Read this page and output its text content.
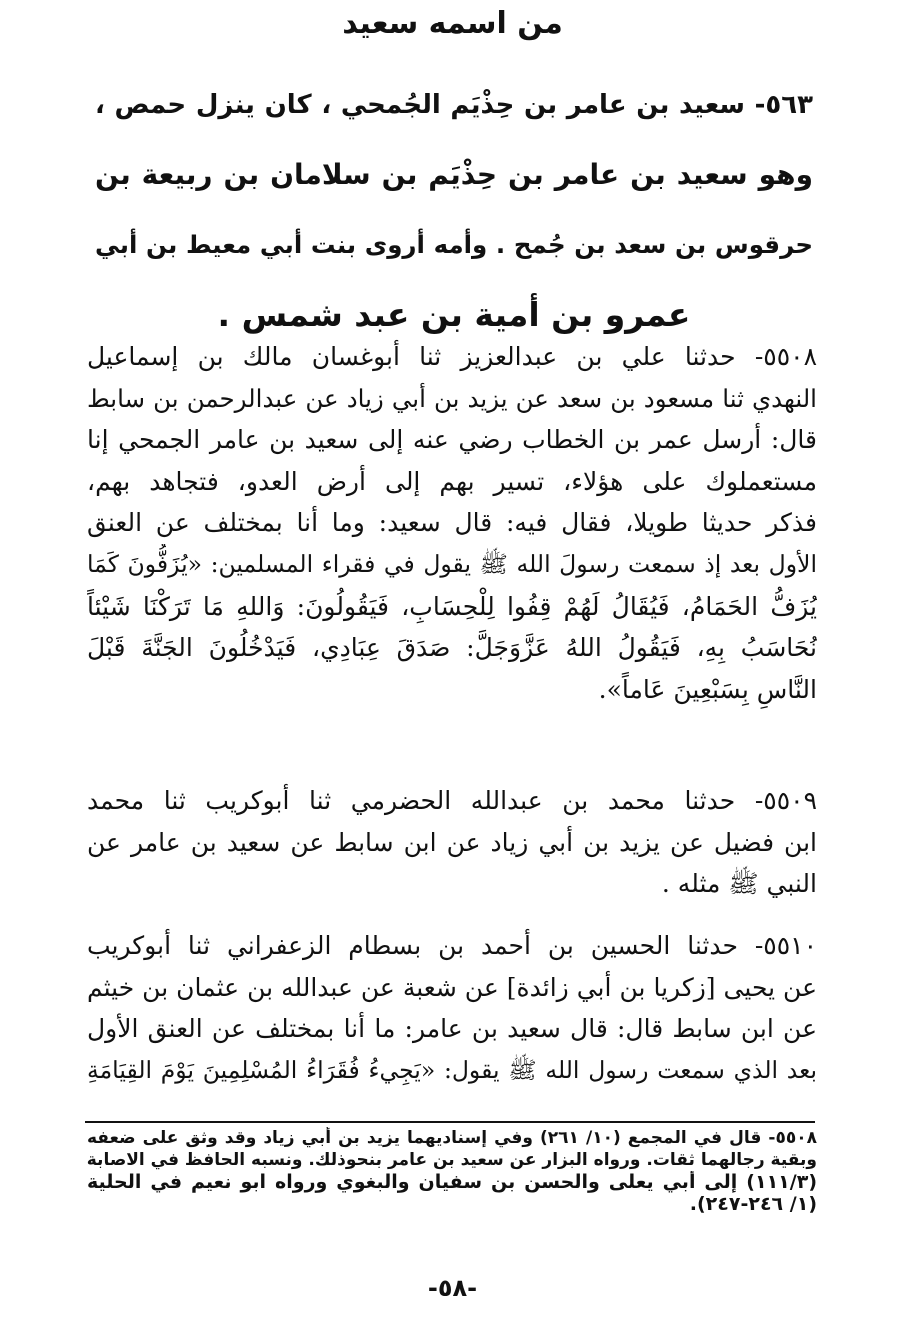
من اسمه سعيد
٥٦٣- سعيد بن عامر بن حِذْيَم الجُمحي ، كان ينزل حمص ،
وهو سعيد بن عامر بن حِذْيَم بن سلامان بن ربيعة بن
حرقوس بن سعد بن جُمح . وأمه أروى بنت أبي معيط بن أبي
عمرو بن أمية بن عبد شمس .
٥٥٠٨- حدثنا علي بن عبدالعزيز ثنا أبوغسان مالك بن إسماعيل
النهدي ثنا مسعود بن سعد عن يزيد بن أبي زياد عن عبدالرحمن بن سابط
قال: أرسل عمر بن الخطاب رضي عنه إلى سعيد بن عامر الجمحي إنا
مستعملوك على هؤلاء، تسير بهم إلى أرض العدو، فتجاهد بهم،
فذكر حديثا طويلا، فقال فيه: قال سعيد: وما أنا بمختلف عن العنق
الأول بعد إذ سمعت رسولَ الله ﷺ يقول في فقراء المسلمين: «يُزَفُّونَ كَمَا
يُزَفُّ الحَمَامُ، فَيُقَالُ لَهُمْ قِفُوا لِلْحِسَابِ، فَيَقُولُونَ: وَاللهِ مَا تَرَكْنَا شَيْئاً
نُحَاسَبُ بِهِ، فَيَقُولُ اللهُ عَزَّوَجَلَّ: صَدَقَ عِبَادِي، فَيَدْخُلُونَ الجَنَّةَ قَبْلَ
النَّاسِ بِسَبْعِينَ عَاماً».
٥٥٠٩- حدثنا محمد بن عبدالله الحضرمي ثنا أبوكريب ثنا محمد
ابن فضيل عن يزيد بن أبي زياد عن ابن سابط عن سعيد بن عامر عن
النبي ﷺ مثله .
٥٥١٠- حدثنا الحسين بن أحمد بن بسطام الزعفراني ثنا أبوكريب
عن يحيى [زكريا بن أبي زائدة] عن شعبة عن عبدالله بن عثمان بن خيثم
عن ابن سابط قال: قال سعيد بن عامر: ما أنا بمختلف عن العنق الأول
بعد الذي سمعت رسول الله ﷺ يقول: «يَجِيءُ فُقَرَاءُ المُسْلِمِينَ يَوْمَ القِيَامَةِ
٥٥٠٨- قال في المجمع (١٠/ ٢٦١) وفي إسناديهما يزيد بن أبي زياد وقد وثق على ضعفه
وبقية رجالهما ثقات. ورواه البزار عن سعيد بن عامر بنحوذلك. ونسبه الحافظ في الاصابة
(١١١/٣) إلى أبي يعلى والحسن بن سفيان والبغوي ورواه ابو نعيم في الحلية
(١/ ٢٤٦-٢٤٧).
-٥٨-
